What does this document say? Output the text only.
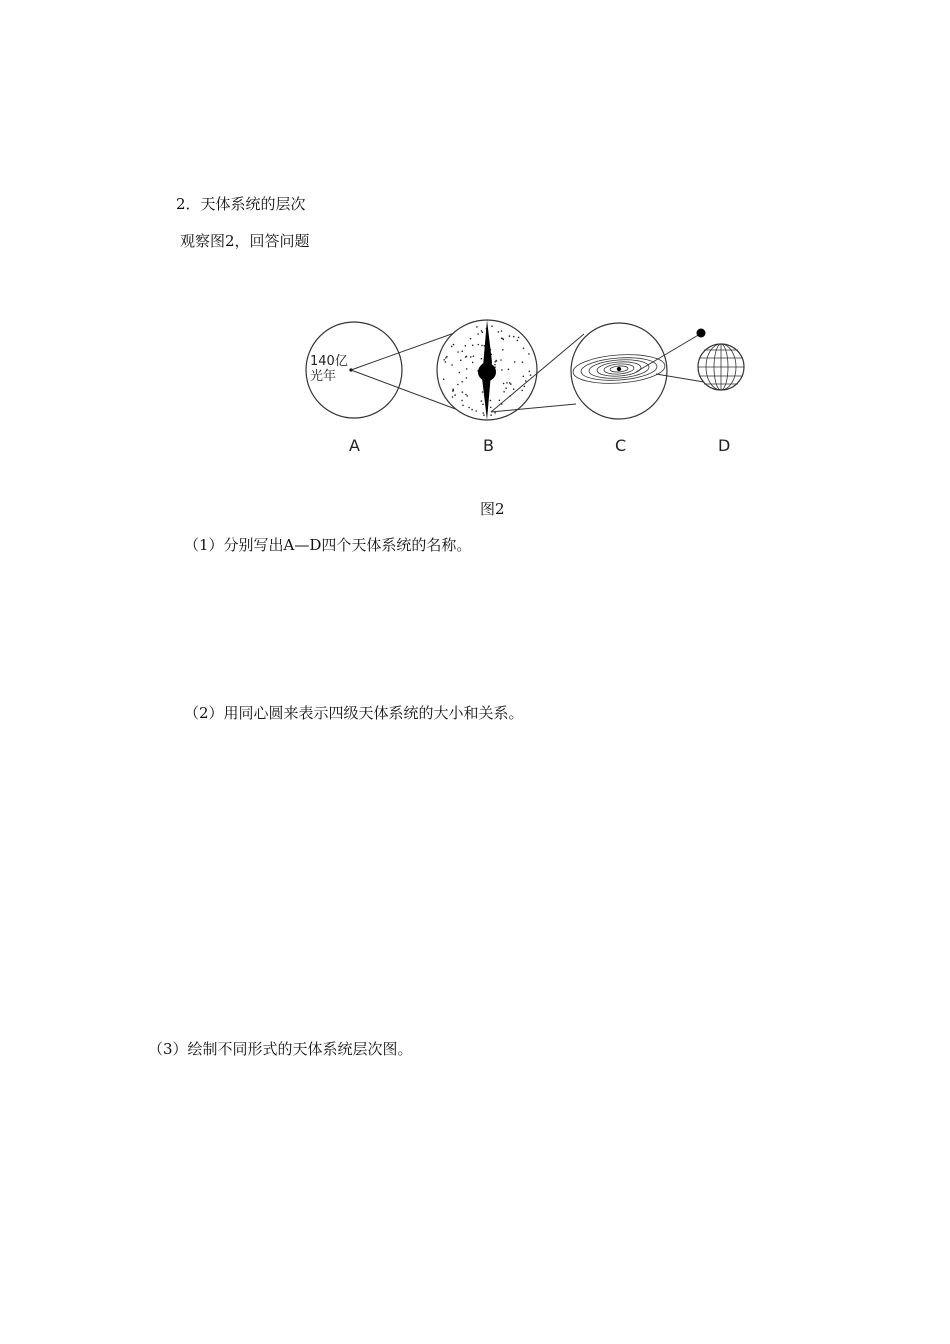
2．天体系统的层次
观察图2，回答问题
140亿
光年
A	B	C	D
图2
（1）分别写出A—D四个天体系统的名称。
（2）用同心圆来表示四级天体系统的大小和关系。
（3）绘制不同形式的天体系统层次图。
